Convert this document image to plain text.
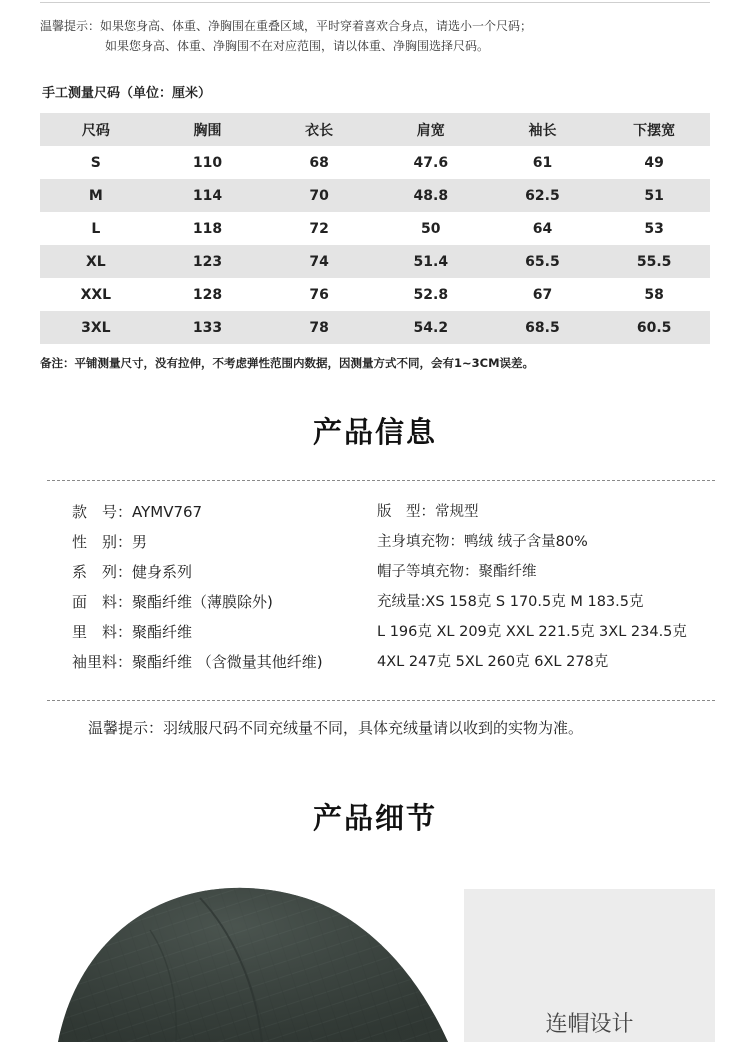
温馨提示：如果您身高、体重、净胸围在重叠区域，平时穿着喜欢合身点，请选小一个尺码；
如果您身高、体重、净胸围不在对应范围，请以体重、净胸围选择尺码。
手工测量尺码（单位：厘米）
尺码	胸围	衣长	肩宽	袖长	下摆宽
S	110	68	47.6	61	49
M	114	70	48.8	62.5	51
L	118	72	50	64	53
XL	123	74	51.4	65.5	55.5
XXL	128	76	52.8	67	58
3XL	133	78	54.2	68.5	60.5
备注：平铺测量尺寸，没有拉伸，不考虑弹性范围内数据，因测量方式不同，会有1~3CM误差。
产品信息
款　号：AYMV767
性　别：男
系　列：健身系列
面　料：聚酯纤维（薄膜除外)
里　料：聚酯纤维
袖里料：聚酯纤维 （含微量其他纤维)
版　型：常规型
主身填充物：鸭绒 绒子含量80%
帽子等填充物：聚酯纤维
充绒量:XS 158克 S 170.5克 M 183.5克
L 196克 XL 209克 XXL 221.5克 3XL 234.5克
4XL 247克 5XL 260克 6XL 278克
温馨提示：羽绒服尺码不同充绒量不同，具体充绒量请以收到的实物为准。
产品细节
连帽设计
